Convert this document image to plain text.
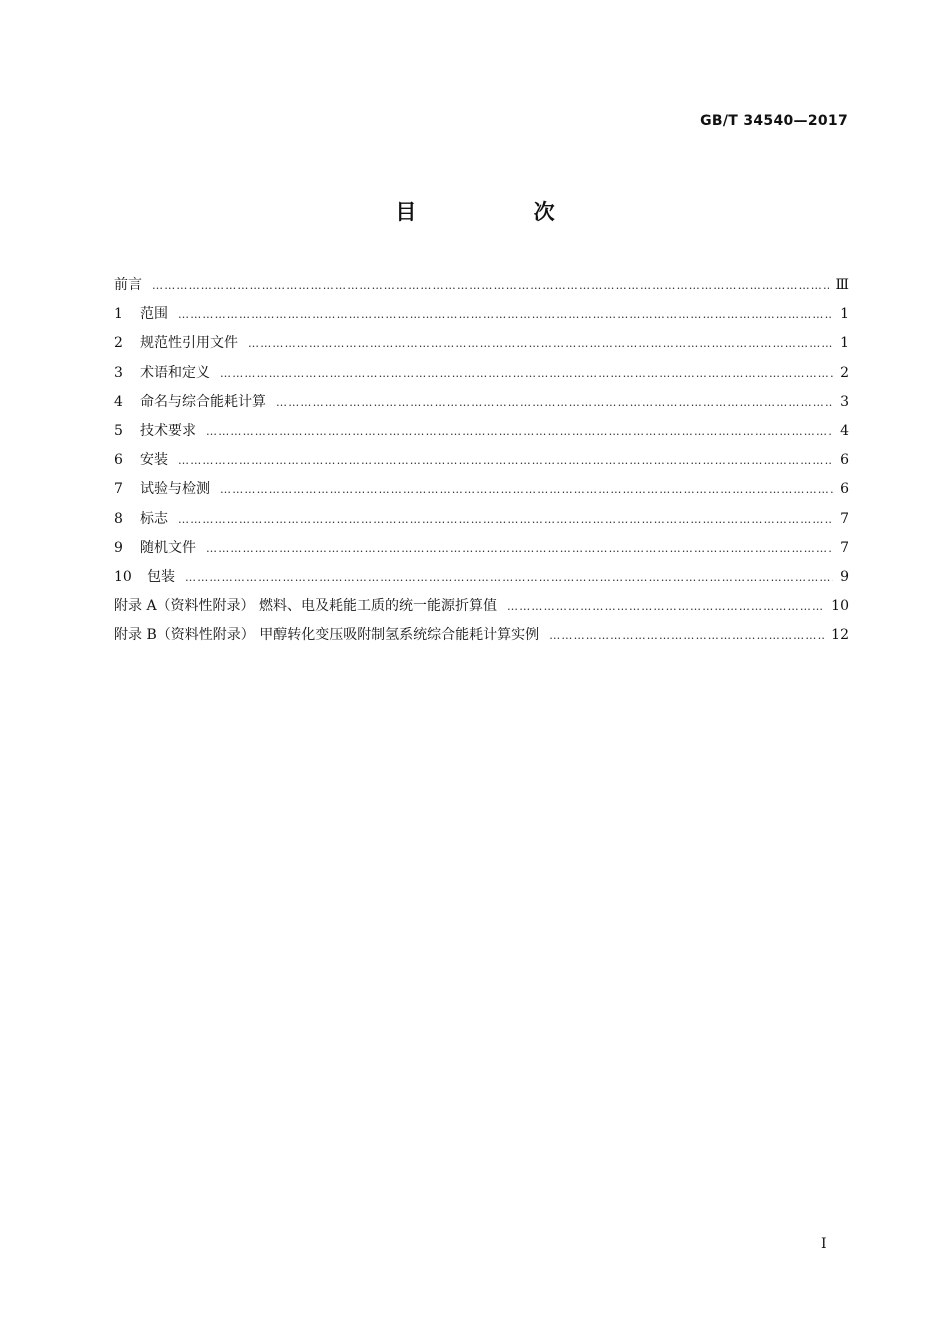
GB/T 34540—2017
目 次
前言 …………………………………………………………………………………………………………………………………………………………………………………………………………………………………………………………………………………	Ⅲ
1	范围 …………………………………………………………………………………………………………………………………………………………………………………………………………………………………………………………………………………	1
2	规范性引用文件 …………………………………………………………………………………………………………………………………………………………………………………………………………………………………………………………………………………	1
3	术语和定义 …………………………………………………………………………………………………………………………………………………………………………………………………………………………………………………………………………………	2
4	命名与综合能耗计算 …………………………………………………………………………………………………………………………………………………………………………………………………………………………………………………………………………………	3
5	技术要求 …………………………………………………………………………………………………………………………………………………………………………………………………………………………………………………………………………………	4
6	安装 …………………………………………………………………………………………………………………………………………………………………………………………………………………………………………………………………………………	6
7	试验与检测 …………………………………………………………………………………………………………………………………………………………………………………………………………………………………………………………………………………	6
8	标志 …………………………………………………………………………………………………………………………………………………………………………………………………………………………………………………………………………………	7
9	随机文件 …………………………………………………………………………………………………………………………………………………………………………………………………………………………………………………………………………………	7
10	包装 …………………………………………………………………………………………………………………………………………………………………………………………………………………………………………………………………………………	9
附录 A（资料性附录） 燃料、电及耗能工质的统一能源折算值 …………………………………………………………………………………………………………………………………………………………………………………………………………………………………………………………………………………	10
附录 B（资料性附录） 甲醇转化变压吸附制氢系统综合能耗计算实例 …………………………………………………………………………………………………………………………………………………………………………………………………………………………………………………………………………………	12
I
